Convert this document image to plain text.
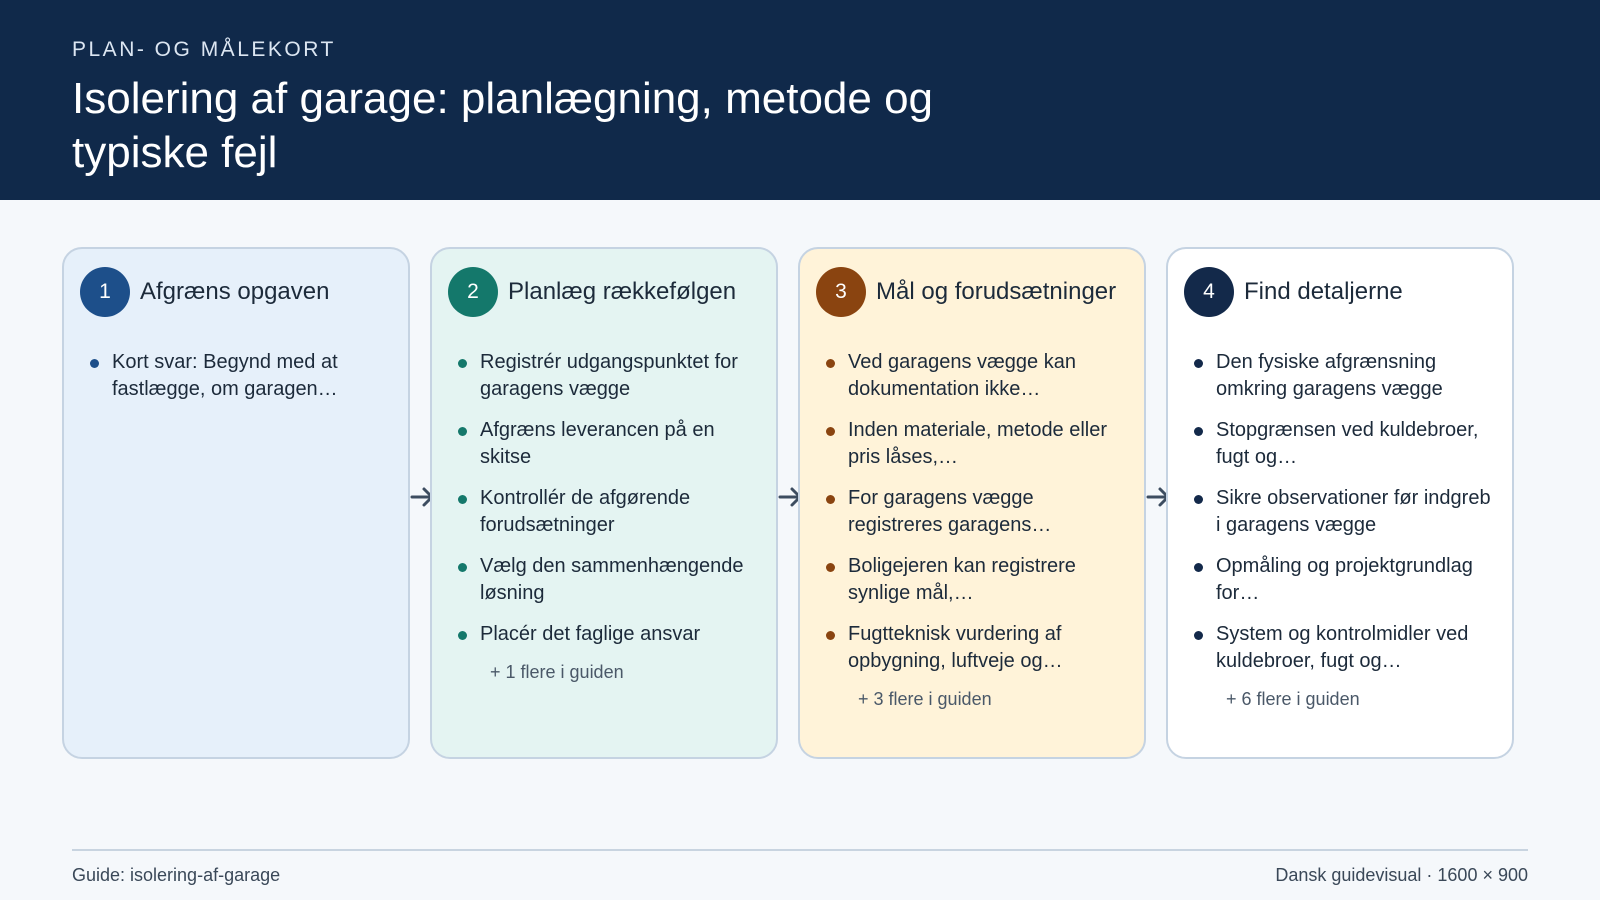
PLAN- OG MÅLEKORT
Isolering af garage: planlægning, metode og typiske fejl
1	Afgræns opgaven
Kort svar: Begynd med at fastlægge, om garagen…
2	Planlæg rækkefølgen
Registrér udgangspunktet for garagens vægge
Afgræns leverancen på en skitse
Kontrollér de afgørende forudsætninger
Vælg den sammenhængende løsning
Placér det faglige ansvar
+ 1 flere i guiden
3	Mål og forudsætninger
Ved garagens vægge kan dokumentation ikke…
Inden materiale, metode eller pris låses,…
For garagens vægge registreres garagens…
Boligejeren kan registrere synlige mål,…
Fugtteknisk vurdering af opbygning, luftveje og…
+ 3 flere i guiden
4	Find detaljerne
Den fysiske afgrænsning omkring garagens vægge
Stopgrænsen ved kuldebroer, fugt og…
Sikre observationer før indgreb i garagens vægge
Opmåling og projektgrundlag for…
System og kontrolmidler ved kuldebroer, fugt og…
+ 6 flere i guiden
Guide: isolering-af-garage	Dansk guidevisual · 1600 × 900
